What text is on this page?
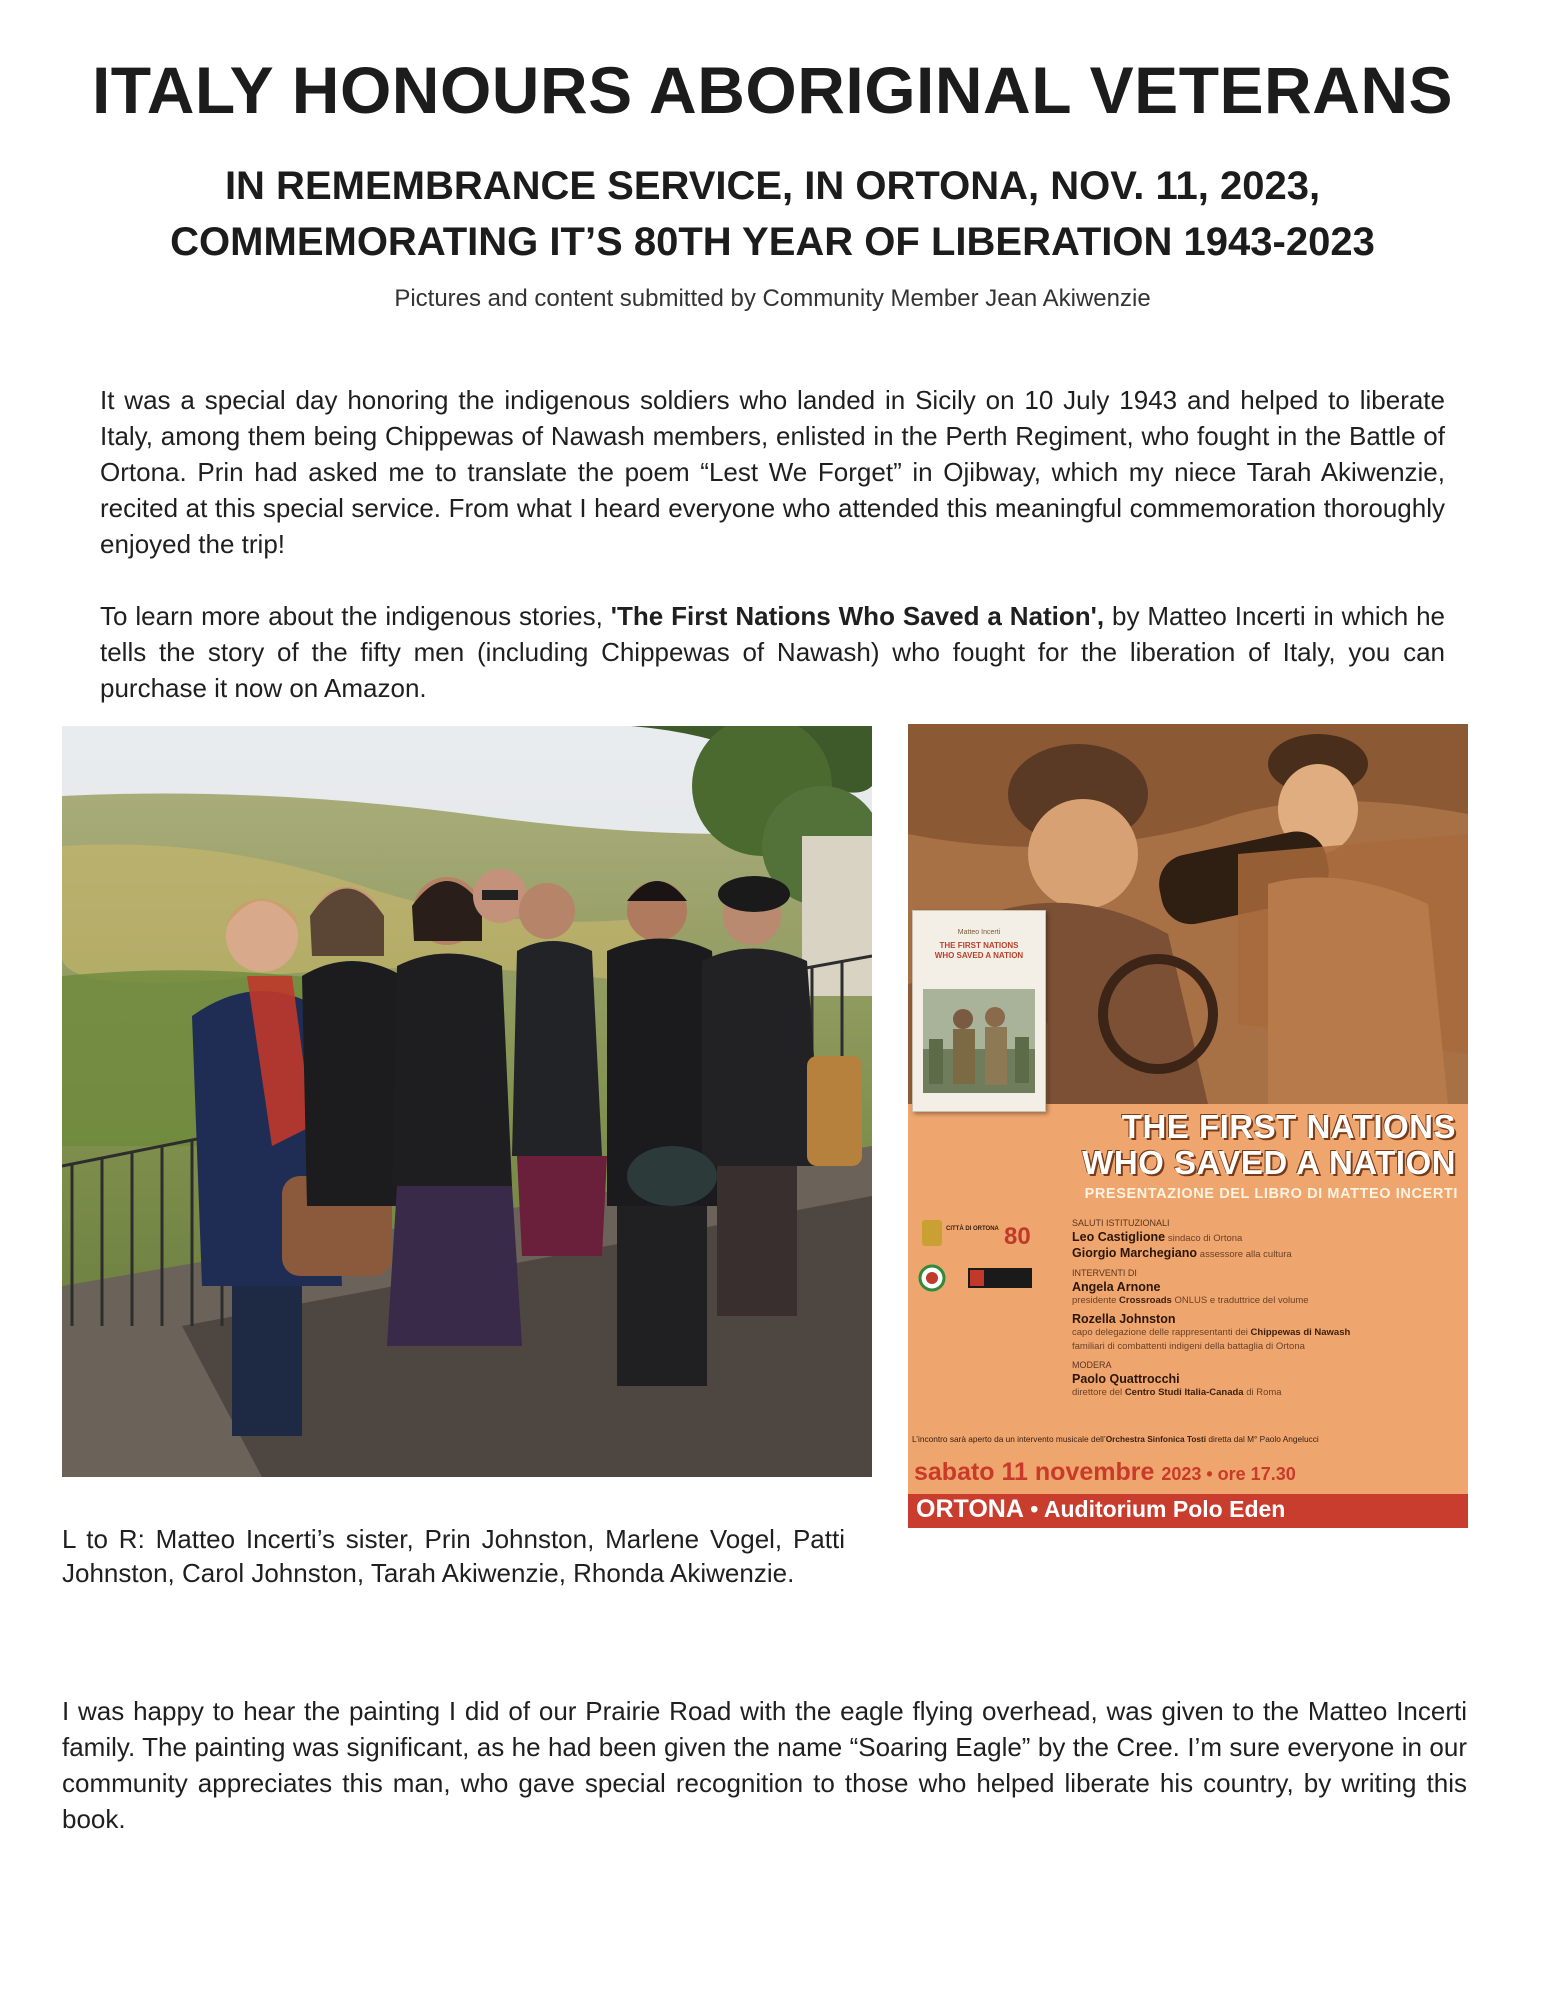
ITALY HONOURS ABORIGINAL VETERANS
IN REMEMBRANCE SERVICE, IN ORTONA, NOV. 11, 2023,
COMMEMORATING IT’S 80TH YEAR OF LIBERATION 1943-2023

Pictures and content submitted by Community Member Jean Akiwenzie

It was a special day honoring the indigenous soldiers who landed in Sicily on 10 July 1943 and helped to liberate Italy, among them being Chippewas of Nawash members, enlisted in the Perth Regiment, who fought in the Battle of Ortona. Prin had asked me to translate the poem “Lest We Forget” in Ojibway, which my niece Tarah Akiwenzie, recited at this special service. From what I heard everyone who attended this meaningful commemoration thoroughly enjoyed the trip!

To learn more about the indigenous stories, 'The First Nations Who Saved a Nation', by Matteo Incerti in which he tells the story of the fifty men (including Chippewas of Nawash) who fought for the liberation of Italy, you can purchase it now on Amazon.

L to R: Matteo Incerti’s sister, Prin Johnston, Marlene Vogel, Patti Johnston, Carol Johnston, Tarah Akiwenzie, Rhonda Akiwenzie.

Matteo Incerti
THE FIRST NATIONS
WHO SAVED A NATION
THE FIRST NATIONS
WHO SAVED A NATION
PRESENTAZIONE DEL LIBRO DI MATTEO INCERTI
CITTÀ DI ORTONA 80	SALUTI ISTITUZIONALI
Leo Castiglione sindaco di Ortona
Giorgio Marchegiano assessore alla cultura
INTERVENTI DI
Angela Arnone
presidente Crossroads ONLUS e traduttrice del volume
Rozella Johnston
capo delegazione delle rappresentanti dei Chippewas di Nawash
familiari di combattenti indigeni della battaglia di Ortona
MODERA
Paolo Quattrocchi
direttore del Centro Studi Italia-Canada di Roma
L’incontro sarà aperto da un intervento musicale dell’Orchestra Sinfonica Tosti diretta dal M° Paolo Angelucci
sabato 11 novembre 2023 • ore 17.30
ORTONA • Auditorium Polo Eden

I was happy to hear the painting I did of our Prairie Road with the eagle flying overhead, was given to the Matteo Incerti family. The painting was significant, as he had been given the name “Soaring Eagle” by the Cree. I’m sure everyone in our community appreciates this man, who gave special recognition to those who helped liberate his country, by writing this book.
